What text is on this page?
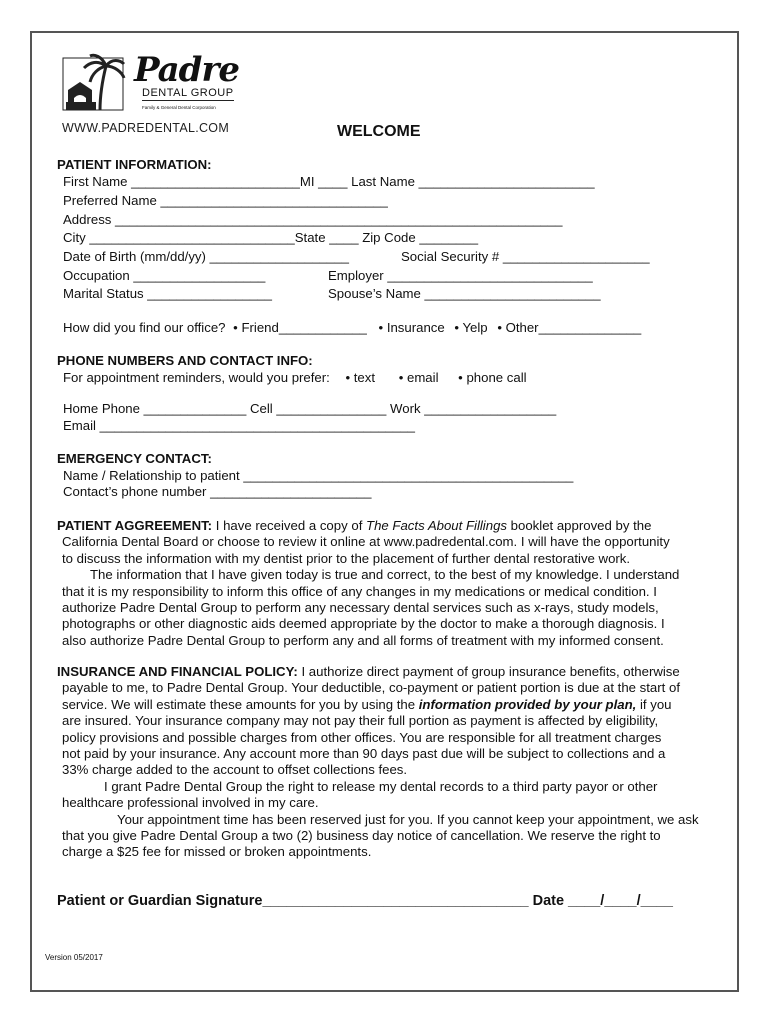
Padre
DENTAL GROUP
Family & General Dental Corporation
WWW.PADREDENTAL.COM	WELCOME
PATIENT INFORMATION:
First Name _______________________MI ____ Last Name ________________________
Preferred Name _______________________________
Address _____________________________________________________________
City ____________________________State ____ Zip Code ________
Date of Birth (mm/dd/yy) ___________________	Social Security # ____________________
Occupation __________________	Employer ____________________________
Marital Status _________________	Spouse’s Name ________________________
How did you find our office? • Friend____________ • Insurance • Yelp • Other______________
PHONE NUMBERS AND CONTACT INFO:
For appointment reminders, would you prefer: • text • email • phone call
Home Phone ______________ Cell _______________ Work __________________
Email ___________________________________________
EMERGENCY CONTACT:
Name / Relationship to patient _____________________________________________
Contact’s phone number ______________________
PATIENT AGGREEMENT: I have received a copy of The Facts About Fillings booklet approved by the
California Dental Board or choose to review it online at www.padredental.com. I will have the opportunity
to discuss the information with my dentist prior to the placement of further dental restorative work.
The information that I have given today is true and correct, to the best of my knowledge. I understand
that it is my responsibility to inform this office of any changes in my medications or medical condition. I
authorize Padre Dental Group to perform any necessary dental services such as x-rays, study models,
photographs or other diagnostic aids deemed appropriate by the doctor to make a thorough diagnosis. I
also authorize Padre Dental Group to perform any and all forms of treatment with my informed consent.
INSURANCE AND FINANCIAL POLICY: I authorize direct payment of group insurance benefits, otherwise
payable to me, to Padre Dental Group. Your deductible, co-payment or patient portion is due at the start of
service. We will estimate these amounts for you by using the information provided by your plan, if you
are insured. Your insurance company may not pay their full portion as payment is affected by eligibility,
policy provisions and possible charges from other offices. You are responsible for all treatment charges
not paid by your insurance. Any account more than 90 days past due will be subject to collections and a
33% charge added to the account to offset collections fees.
I grant Padre Dental Group the right to release my dental records to a third party payor or other
healthcare professional involved in my care.
Your appointment time has been reserved just for you. If you cannot keep your appointment, we ask
that you give Padre Dental Group a two (2) business day notice of cancellation. We reserve the right to
charge a $25 fee for missed or broken appointments.
Patient or Guardian Signature_________________________________ Date ____/____/____
Version 05/2017
